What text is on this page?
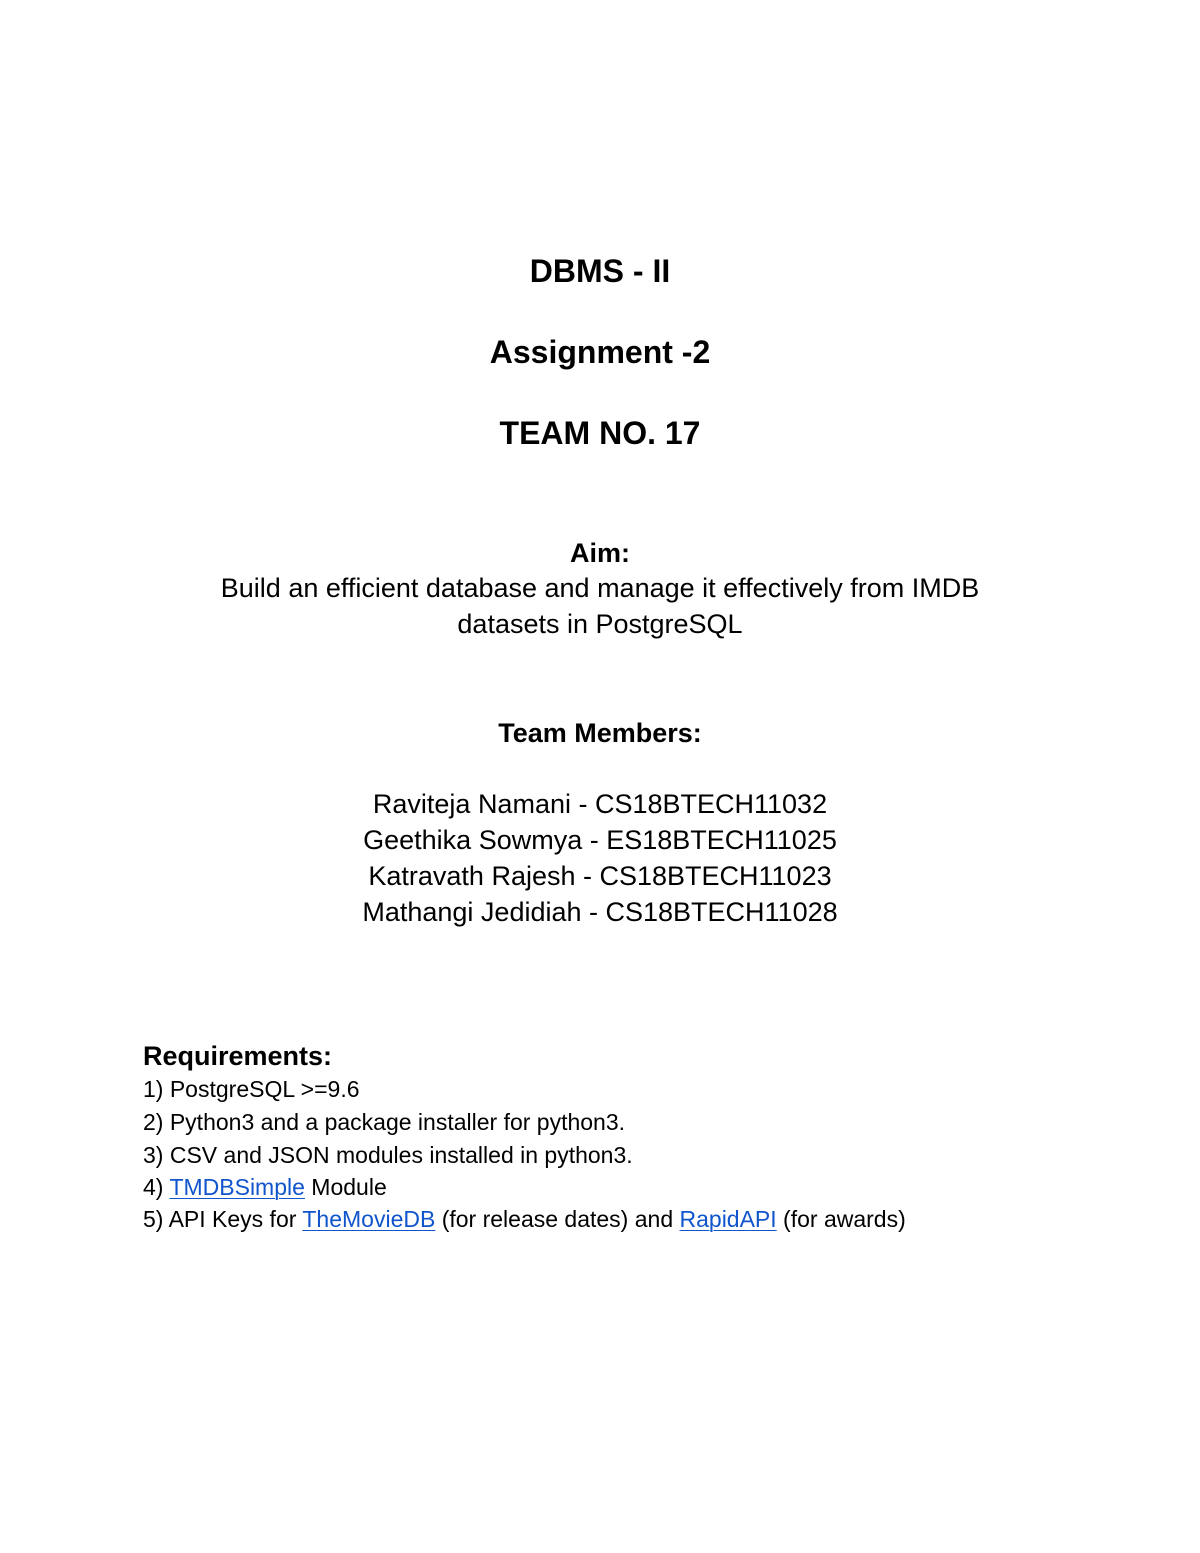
DBMS - II
Assignment -2
TEAM NO. 17
Aim:
Build an efficient database and manage it effectively from IMDB
datasets in PostgreSQL
Team Members:
Raviteja Namani - CS18BTECH11032
Geethika Sowmya - ES18BTECH11025
Katravath Rajesh - CS18BTECH11023
Mathangi Jedidiah - CS18BTECH11028
Requirements:
1) PostgreSQL >=9.6
2) Python3 and a package installer for python3.
3) CSV and JSON modules installed in python3.
4) TMDBSimple Module
5) API Keys for TheMovieDB (for release dates) and RapidAPI (for awards)
